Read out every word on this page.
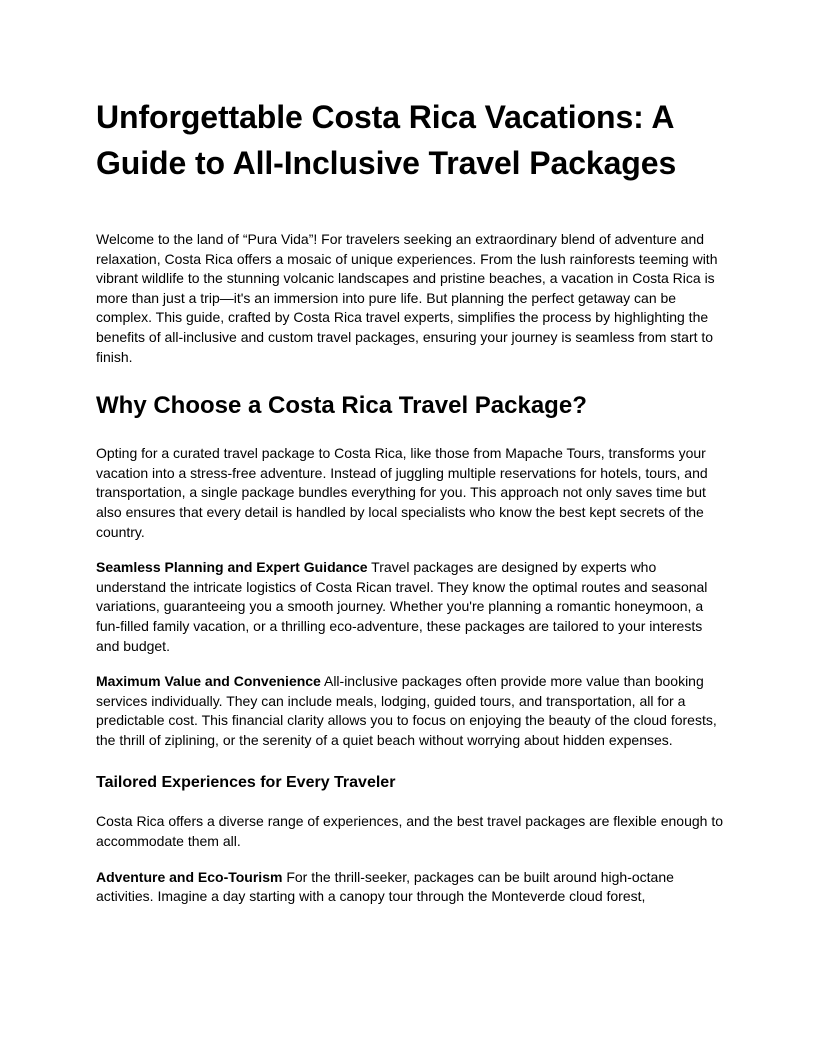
Unforgettable Costa Rica Vacations: A Guide to All-Inclusive Travel Packages

Welcome to the land of “Pura Vida”! For travelers seeking an extraordinary blend of adventure and relaxation, Costa Rica offers a mosaic of unique experiences. From the lush rainforests teeming with vibrant wildlife to the stunning volcanic landscapes and pristine beaches, a vacation in Costa Rica is more than just a trip—it's an immersion into pure life. But planning the perfect getaway can be complex. This guide, crafted by Costa Rica travel experts, simplifies the process by highlighting the benefits of all-inclusive and custom travel packages, ensuring your journey is seamless from start to finish.

Why Choose a Costa Rica Travel Package?

Opting for a curated travel package to Costa Rica, like those from Mapache Tours, transforms your vacation into a stress-free adventure. Instead of juggling multiple reservations for hotels, tours, and transportation, a single package bundles everything for you. This approach not only saves time but also ensures that every detail is handled by local specialists who know the best kept secrets of the country.

Seamless Planning and Expert Guidance Travel packages are designed by experts who understand the intricate logistics of Costa Rican travel. They know the optimal routes and seasonal variations, guaranteeing you a smooth journey. Whether you're planning a romantic honeymoon, a fun-filled family vacation, or a thrilling eco-adventure, these packages are tailored to your interests and budget.

Maximum Value and Convenience All-inclusive packages often provide more value than booking services individually. They can include meals, lodging, guided tours, and transportation, all for a predictable cost. This financial clarity allows you to focus on enjoying the beauty of the cloud forests, the thrill of ziplining, or the serenity of a quiet beach without worrying about hidden expenses.

Tailored Experiences for Every Traveler

Costa Rica offers a diverse range of experiences, and the best travel packages are flexible enough to accommodate them all.

Adventure and Eco-Tourism For the thrill-seeker, packages can be built around high-octane activities. Imagine a day starting with a canopy tour through the Monteverde cloud forest,
